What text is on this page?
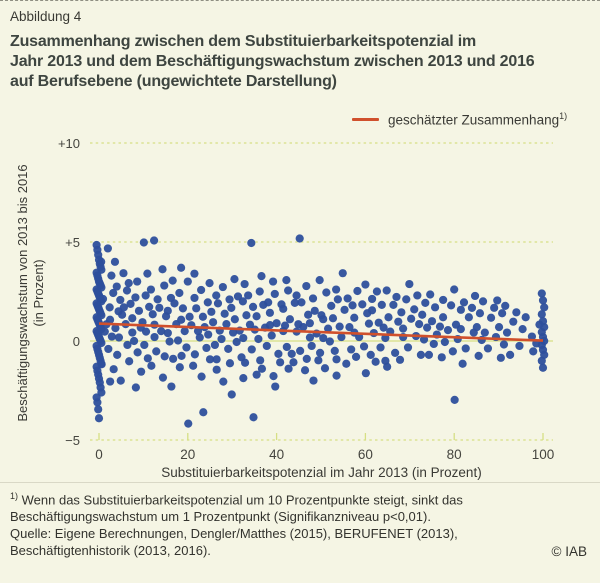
Abbildung 4
Zusammenhang zwischen dem Substituierbarkeitspotenzial im
Jahr 2013 und dem Beschäftigungswachstum zwischen 2013 und 2016
auf Berufsebene (ungewichtete Darstellung)
geschätzter Zusammenhang$^{1)}$
+10
+5
0
−5
0	20	40	60	80	100
Beschäftigungswachstum von 2013 bis 2016 (in Prozent)
Substituierbarkeitspotenzial im Jahr 2013 (in Prozent)
$^{1)}$ Wenn das Substituierbarkeitspotenzial um 10 Prozentpunkte steigt, sinkt das Beschäftigungswachstum um 1 Prozentpunkt (Signifikanzniveau p<0,01).
Quelle: Eigene Berechnungen, Dengler/Matthes (2015), BERUFENET (2013), Beschäftigtenhistorik (2013, 2016).	© IAB
